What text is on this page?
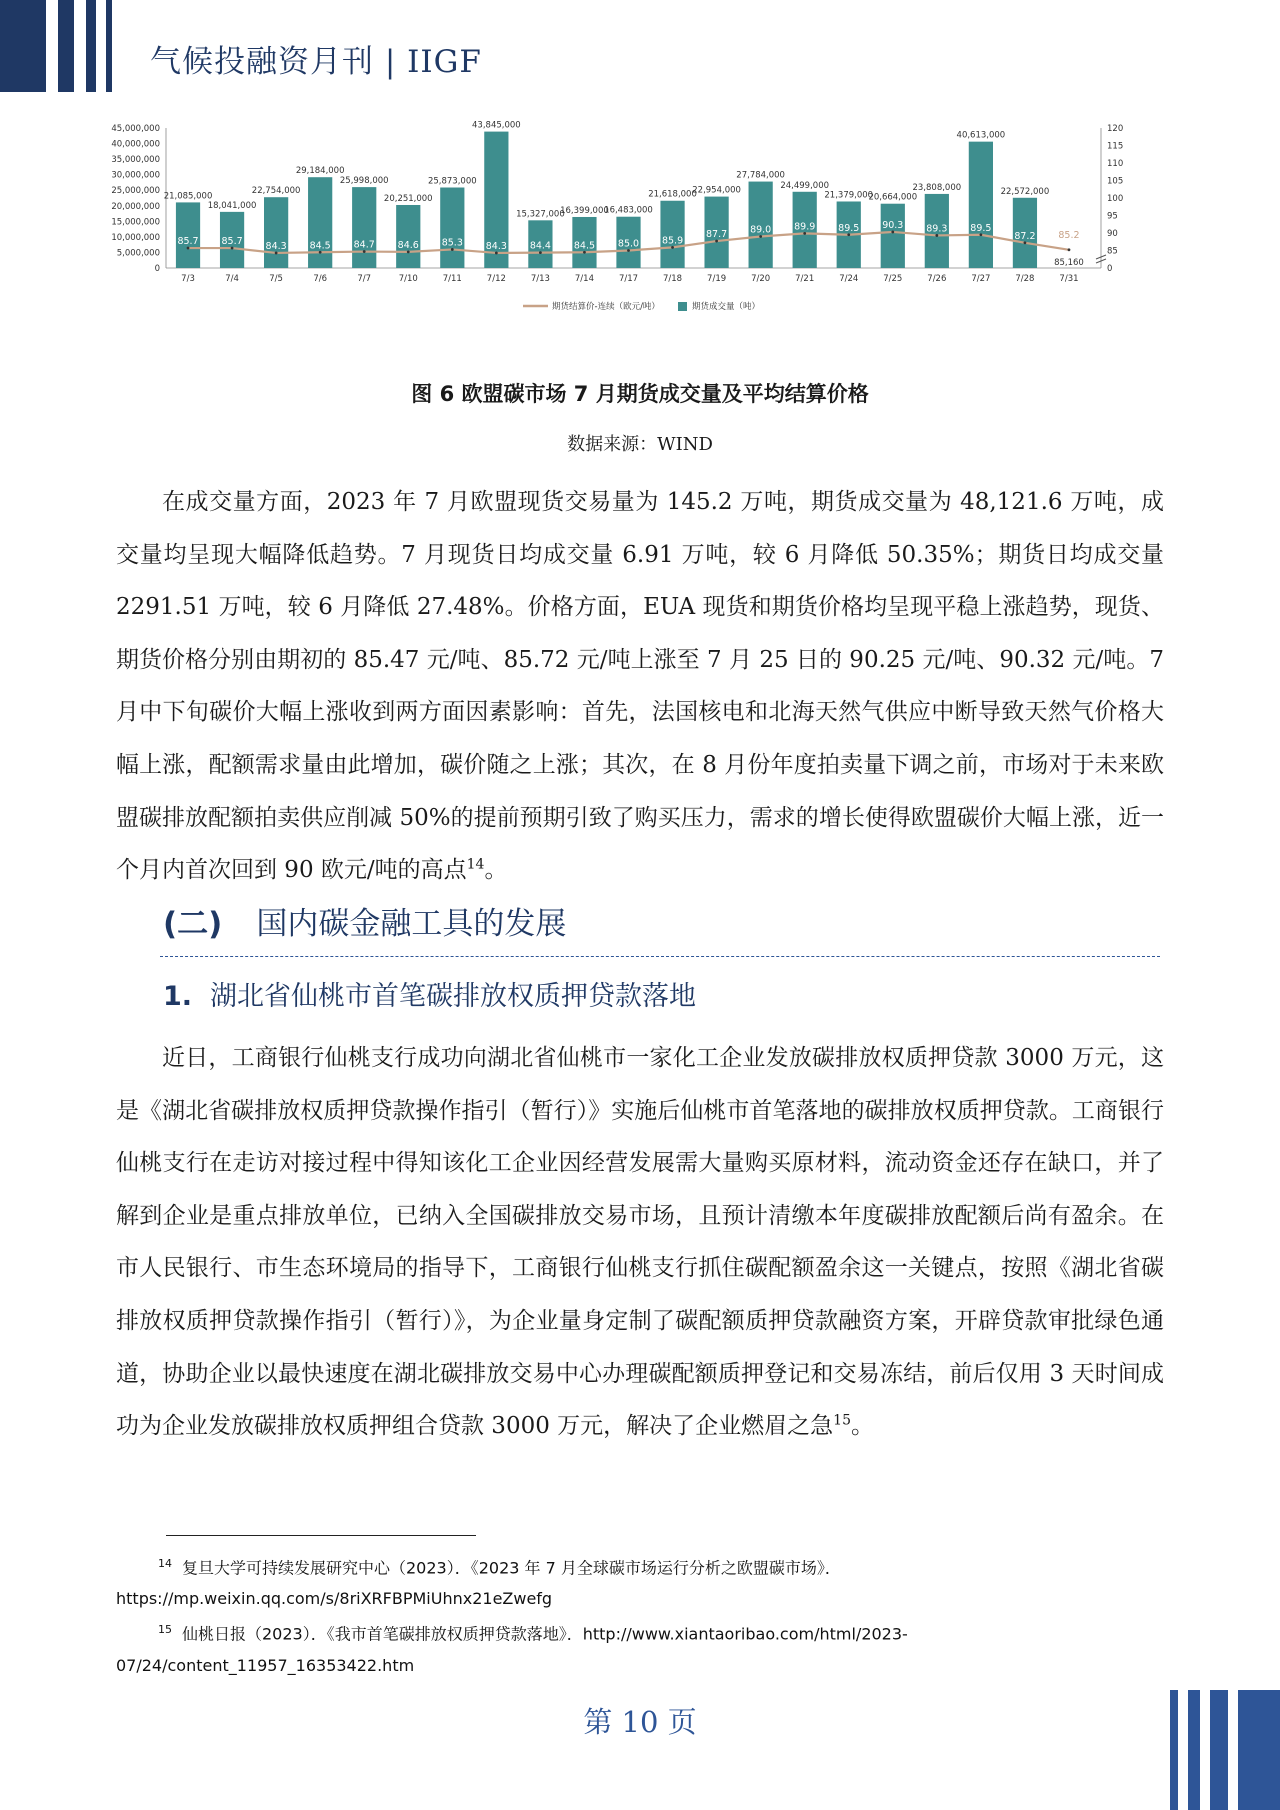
气候投融资月刊 | IIGF
0
5,000,000
10,000,000
15,000,000
20,000,000
25,000,000
30,000,000
35,000,000
40,000,000
45,000,000
0
85
90
95
100
105
110
115
120
7/3
21,085,000
7/4
18,041,000
7/5
22,754,000
7/6
29,184,000
7/7
25,998,000
7/10
20,251,000
7/11
25,873,000
7/12
43,845,000
7/13
15,327,000
7/14
16,399,000
7/17
16,483,000
7/18
21,618,000
7/19
22,954,000
7/20
27,784,000
7/21
24,499,000
7/24
21,379,000
7/25
20,664,000
7/26
23,808,000
7/27
40,613,000
7/28
22,572,000
7/31
85.7 85.7 84.3 84.5 84.7 84.6 85.3 84.3 84.4 84.5 85.0 85.9
87.7 89.0 89.9 89.5 90.3 89.3 89.5
87.2 85.2
85,160
期货结算价-连续（欧元/吨）	期货成交量（吨）
图 6 欧盟碳市场 7 月期货成交量及平均结算价格
数据来源：WIND

在成交量方面，2023 年 7 月欧盟现货交易量为 145.2 万吨，期货成交量为 48,121.6 万吨，成交量均呈现大幅降低趋势。7 月现货日均成交量 6.91 万吨，较 6 月降低 50.35%；期货日均成交量 2291.51 万吨，较 6 月降低 27.48%。价格方面，EUA 现货和期货价格均呈现平稳上涨趋势，现货、期货价格分别由期初的 85.47 元/吨、85.72 元/吨上涨至 7 月 25 日的 90.25 元/吨、90.32 元/吨。7 月中下旬碳价大幅上涨收到两方面因素影响：首先，法国核电和北海天然气供应中断导致天然气价格大幅上涨，配额需求量由此增加，碳价随之上涨；其次，在 8 月份年度拍卖量下调之前，市场对于未来欧盟碳排放配额拍卖供应削减 50%的提前预期引致了购买压力，需求的增长使得欧盟碳价大幅上涨，近一个月内首次回到 90 欧元/吨的高点$^{14}$。

(二) 国内碳金融工具的发展
1. 湖北省仙桃市首笔碳排放权质押贷款落地

近日，工商银行仙桃支行成功向湖北省仙桃市一家化工企业发放碳排放权质押贷款 3000 万元，这是《湖北省碳排放权质押贷款操作指引（暂行）》实施后仙桃市首笔落地的碳排放权质押贷款。工商银行仙桃支行在走访对接过程中得知该化工企业因经营发展需大量购买原材料，流动资金还存在缺口，并了解到企业是重点排放单位，已纳入全国碳排放交易市场，且预计清缴本年度碳排放配额后尚有盈余。在市人民银行、市生态环境局的指导下，工商银行仙桃支行抓住碳配额盈余这一关键点，按照《湖北省碳排放权质押贷款操作指引（暂行）》，为企业量身定制了碳配额质押贷款融资方案，开辟贷款审批绿色通道，协助企业以最快速度在湖北碳排放交易中心办理碳配额质押登记和交易冻结，前后仅用 3 天时间成功为企业发放碳排放权质押组合贷款 3000 万元，解决了企业燃眉之急$^{15}$。

$^{14}$ 复旦大学可持续发展研究中心（2023）．《2023 年 7 月全球碳市场运行分析之欧盟碳市场》．

https://mp.weixin.qq.com/s/8riXRFBPMiUhnx21eZwefg

$^{15}$ 仙桃日报（2023）．《我市首笔碳排放权质押贷款落地》．http://www.xiantaoribao.com/html/2023-

07/24/content_11957_16353422.htm

第 10 页
